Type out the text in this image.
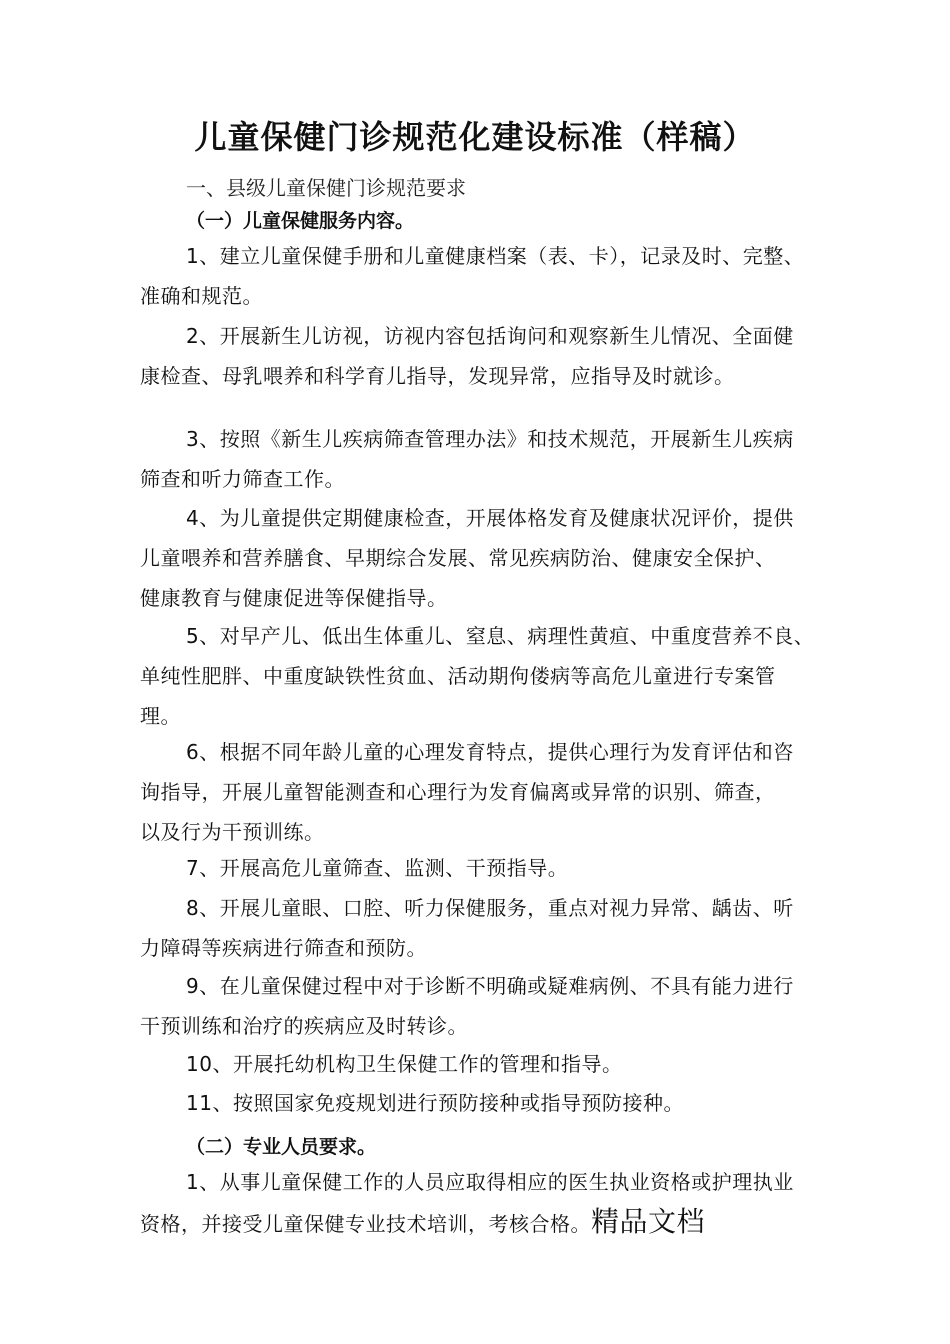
儿童保健门诊规范化建设标准（样稿）
一、县级儿童保健门诊规范要求
（一）儿童保健服务内容。
1、建立儿童保健手册和儿童健康档案（表、卡），记录及时、完整、
准确和规范。
2、开展新生儿访视，访视内容包括询问和观察新生儿情况、全面健
康检查、母乳喂养和科学育儿指导，发现异常，应指导及时就诊。
3、按照《新生儿疾病筛查管理办法》和技术规范，开展新生儿疾病
筛查和听力筛查工作。
4、为儿童提供定期健康检查，开展体格发育及健康状况评价，提供
儿童喂养和营养膳食、早期综合发展、常见疾病防治、健康安全保护、
健康教育与健康促进等保健指导。
5、对早产儿、低出生体重儿、窒息、病理性黄疸、中重度营养不良、
单纯性肥胖、中重度缺铁性贫血、活动期佝偻病等高危儿童进行专案管
理。
6、根据不同年龄儿童的心理发育特点，提供心理行为发育评估和咨
询指导，开展儿童智能测查和心理行为发育偏离或异常的识别、筛查，
以及行为干预训练。
7、开展高危儿童筛查、监测、干预指导。
8、开展儿童眼、口腔、听力保健服务，重点对视力异常、龋齿、听
力障碍等疾病进行筛查和预防。
9、在儿童保健过程中对于诊断不明确或疑难病例、不具有能力进行
干预训练和治疗的疾病应及时转诊。
10、开展托幼机构卫生保健工作的管理和指导。
11、按照国家免疫规划进行预防接种或指导预防接种。
（二）专业人员要求。
1、从事儿童保健工作的人员应取得相应的医生执业资格或护理执业
资格，并接受儿童保健专业技术培训，考核合格。精品文档
